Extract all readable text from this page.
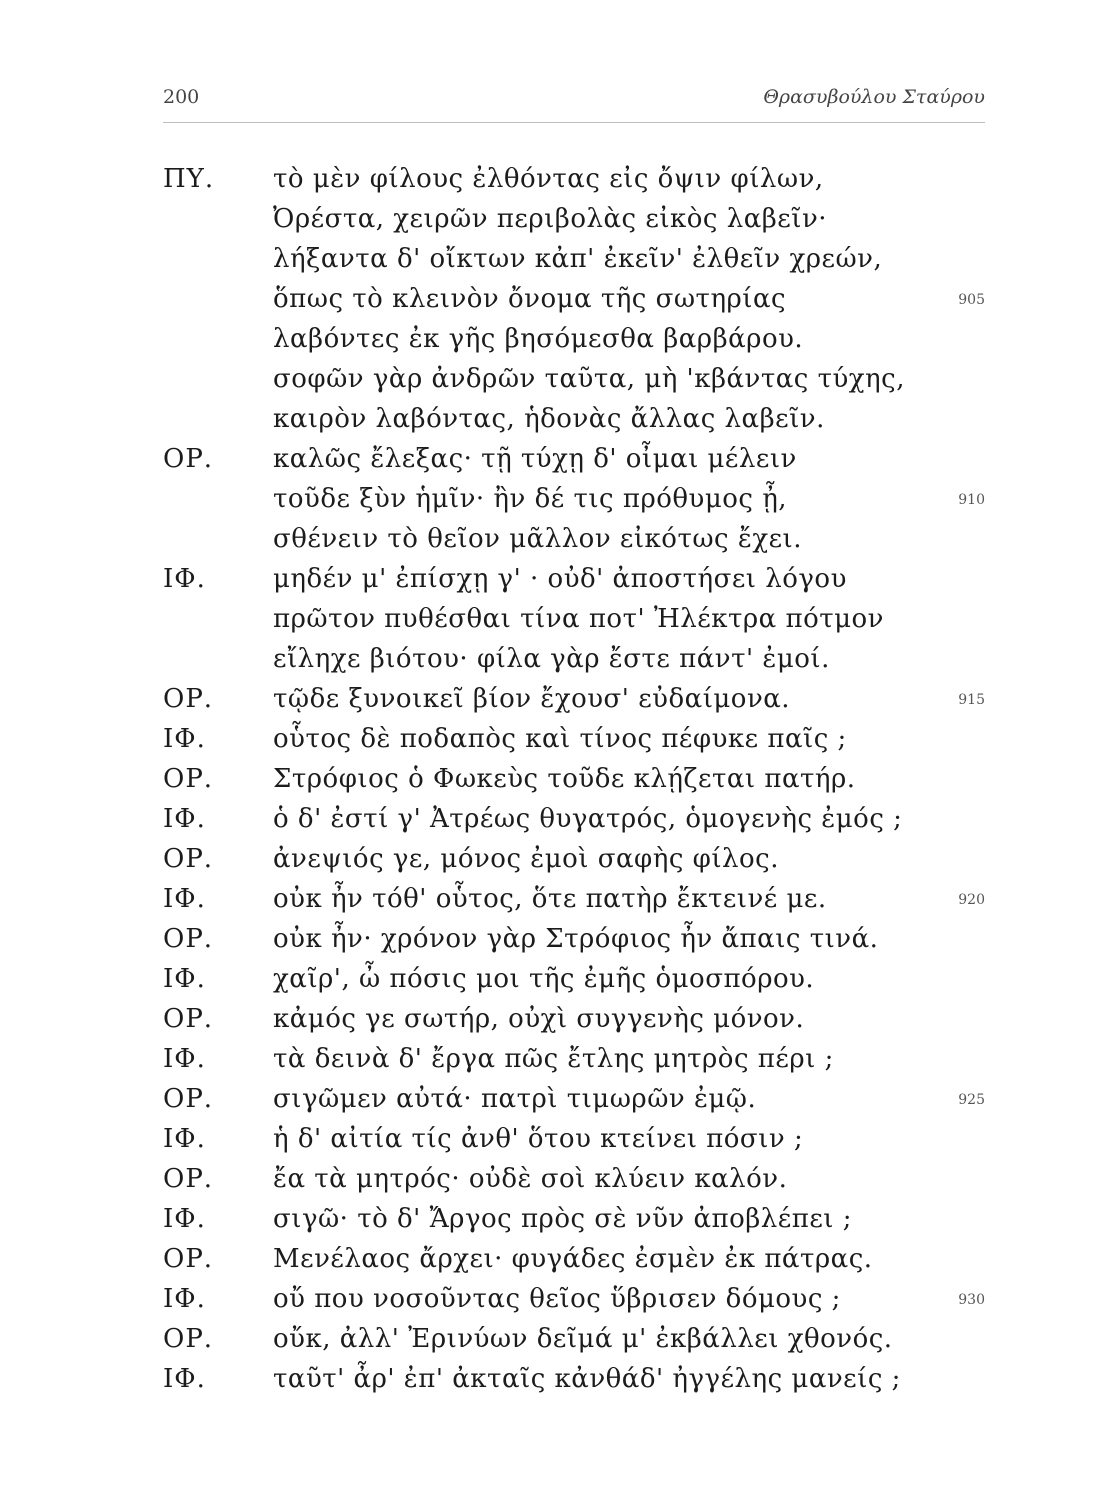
200	Θρασυβούλου Σταύρου
ΠΥ.	τὸ μὲν φίλους ἐλθόντας εἰς ὄψιν φίλων,
Ὀρέστα, χειρῶν περιβολὰς εἰκὸς λαβεῖν·
λήξαντα δ' οἴκτων κἀπ' ἐκεῖν' ἐλθεῖν χρεών,
ὅπως τὸ κλεινὸν ὄνομα τῆς σωτηρίας	905
λαβόντες ἐκ γῆς βησόμεσθα βαρβάρου.
σοφῶν γὰρ ἀνδρῶν ταῦτα, μὴ 'κβάντας τύχης,
καιρὸν λαβόντας, ἡδονὰς ἄλλας λαβεῖν.
ΟΡ.	καλῶς ἔλεξας· τῇ τύχῃ δ' οἶμαι μέλειν
τοῦδε ξὺν ἡμῖν· ἢν δέ τις πρόθυμος ᾖ,	910
σθένειν τὸ θεῖον μᾶλλον εἰκότως ἔχει.
ΙΦ.	μηδέν μ' ἐπίσχῃ γ' · οὐδ' ἀποστήσει λόγου
πρῶτον πυθέσθαι τίνα ποτ' Ἠλέκτρα πότμον
εἴληχε βιότου· φίλα γὰρ ἔστε πάντ' ἐμοί.
ΟΡ.	τῷδε ξυνοικεῖ βίον ἔχουσ' εὐδαίμονα.	915
ΙΦ.	οὗτος δὲ ποδαπὸς καὶ τίνος πέφυκε παῖς ;
ΟΡ.	Στρόφιος ὁ Φωκεὺς τοῦδε κλῄζεται πατήρ.
ΙΦ.	ὁ δ' ἐστί γ' Ἀτρέως θυγατρός, ὁμογενὴς ἐμός ;
ΟΡ.	ἀνεψιός γε, μόνος ἐμοὶ σαφὴς φίλος.
ΙΦ.	οὐκ ἦν τόθ' οὗτος, ὅτε πατὴρ ἔκτεινέ με.	920
ΟΡ.	οὐκ ἦν· χρόνον γὰρ Στρόφιος ἦν ἄπαις τινά.
ΙΦ.	χαῖρ', ὦ πόσις μοι τῆς ἐμῆς ὁμοσπόρου.
ΟΡ.	κἀμός γε σωτήρ, οὐχὶ συγγενὴς μόνον.
ΙΦ.	τὰ δεινὰ δ' ἔργα πῶς ἔτλης μητρὸς πέρι ;
ΟΡ.	σιγῶμεν αὐτά· πατρὶ τιμωρῶν ἐμῷ.	925
ΙΦ.	ἡ δ' αἰτία τίς ἀνθ' ὅτου κτείνει πόσιν ;
ΟΡ.	ἔα τὰ μητρός· οὐδὲ σοὶ κλύειν καλόν.
ΙΦ.	σιγῶ· τὸ δ' Ἄργος πρὸς σὲ νῦν ἀποβλέπει ;
ΟΡ.	Μενέλαος ἄρχει· φυγάδες ἐσμὲν ἐκ πάτρας.
ΙΦ.	οὔ που νοσοῦντας θεῖος ὕβρισεν δόμους ;	930
ΟΡ.	οὔκ, ἀλλ' Ἐρινύων δεῖμά μ' ἐκβάλλει χθονός.
ΙΦ.	ταῦτ' ἆρ' ἐπ' ἀκταῖς κἀνθάδ' ἠγγέλης μανείς ;
